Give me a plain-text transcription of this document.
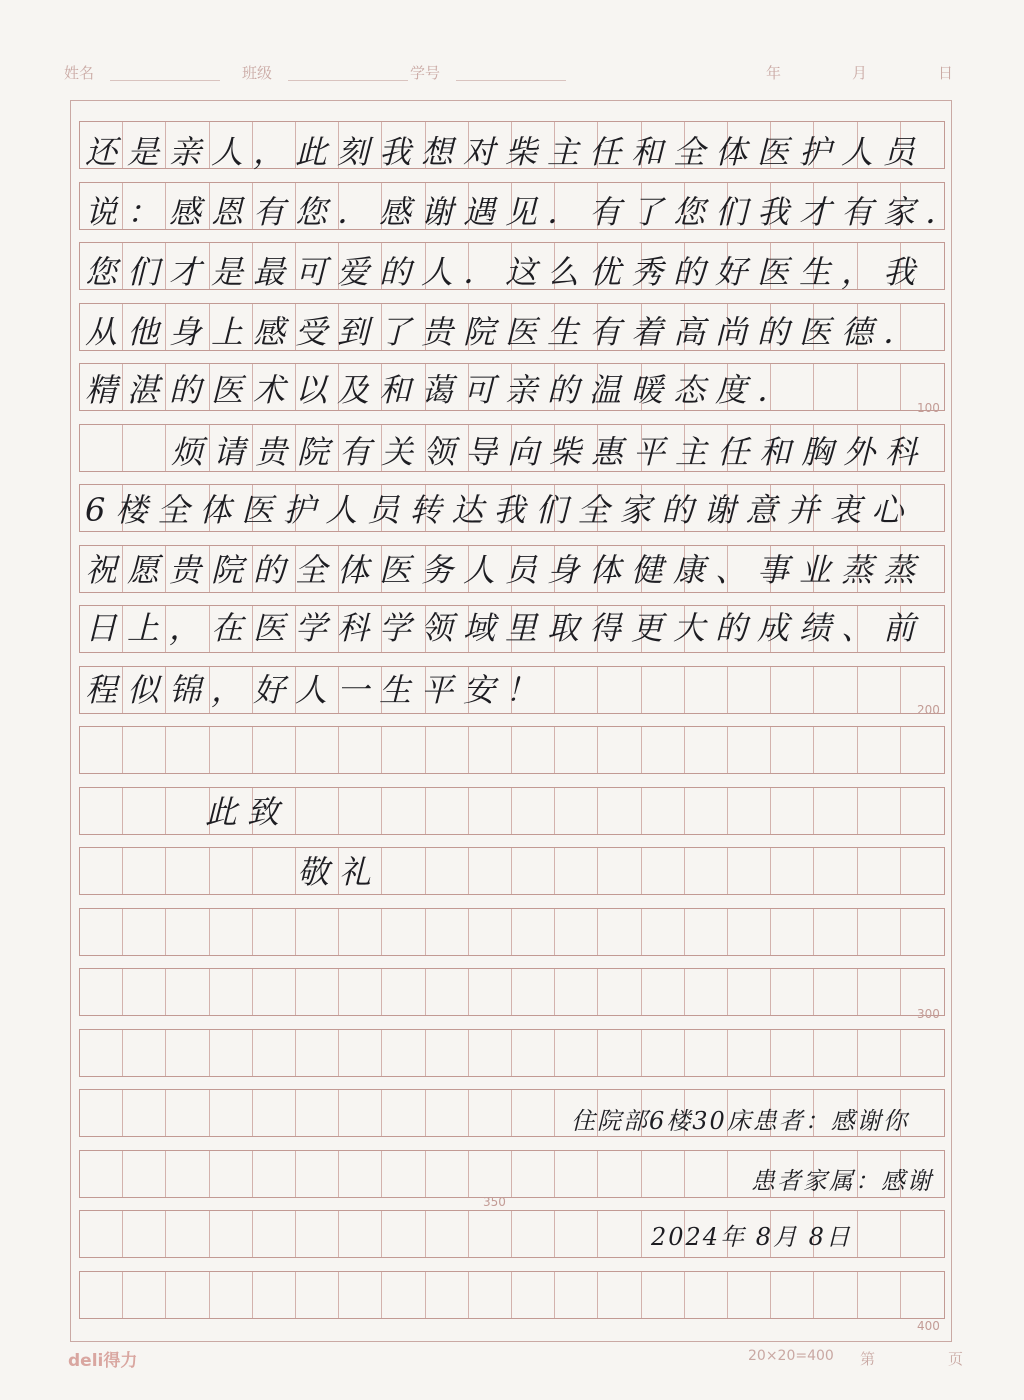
姓名	班级	学号	年	月	日
100
200
300
350
400
还是亲人，此刻我想对柴主任和全体医护人员
说：感恩有您．感谢遇见．有了您们我才有家．
您们才是最可爱的人．这么优秀的好医生，我
从他身上感受到了贵院医生有着高尚的医德．
精湛的医术以及和蔼可亲的温暖态度．
烦请贵院有关领导向柴惠平主任和胸外科
6楼全体医护人员转达我们全家的谢意并衷心
祝愿贵院的全体医务人员身体健康、事业蒸蒸
日上，在医学科学领域里取得更大的成绩、前
程似锦，好人一生平安！
此致
敬礼
住院部6楼30床患者：感谢你
患者家属：感谢
2024年 8月 8日
deli得力	20×20=400 第	页
